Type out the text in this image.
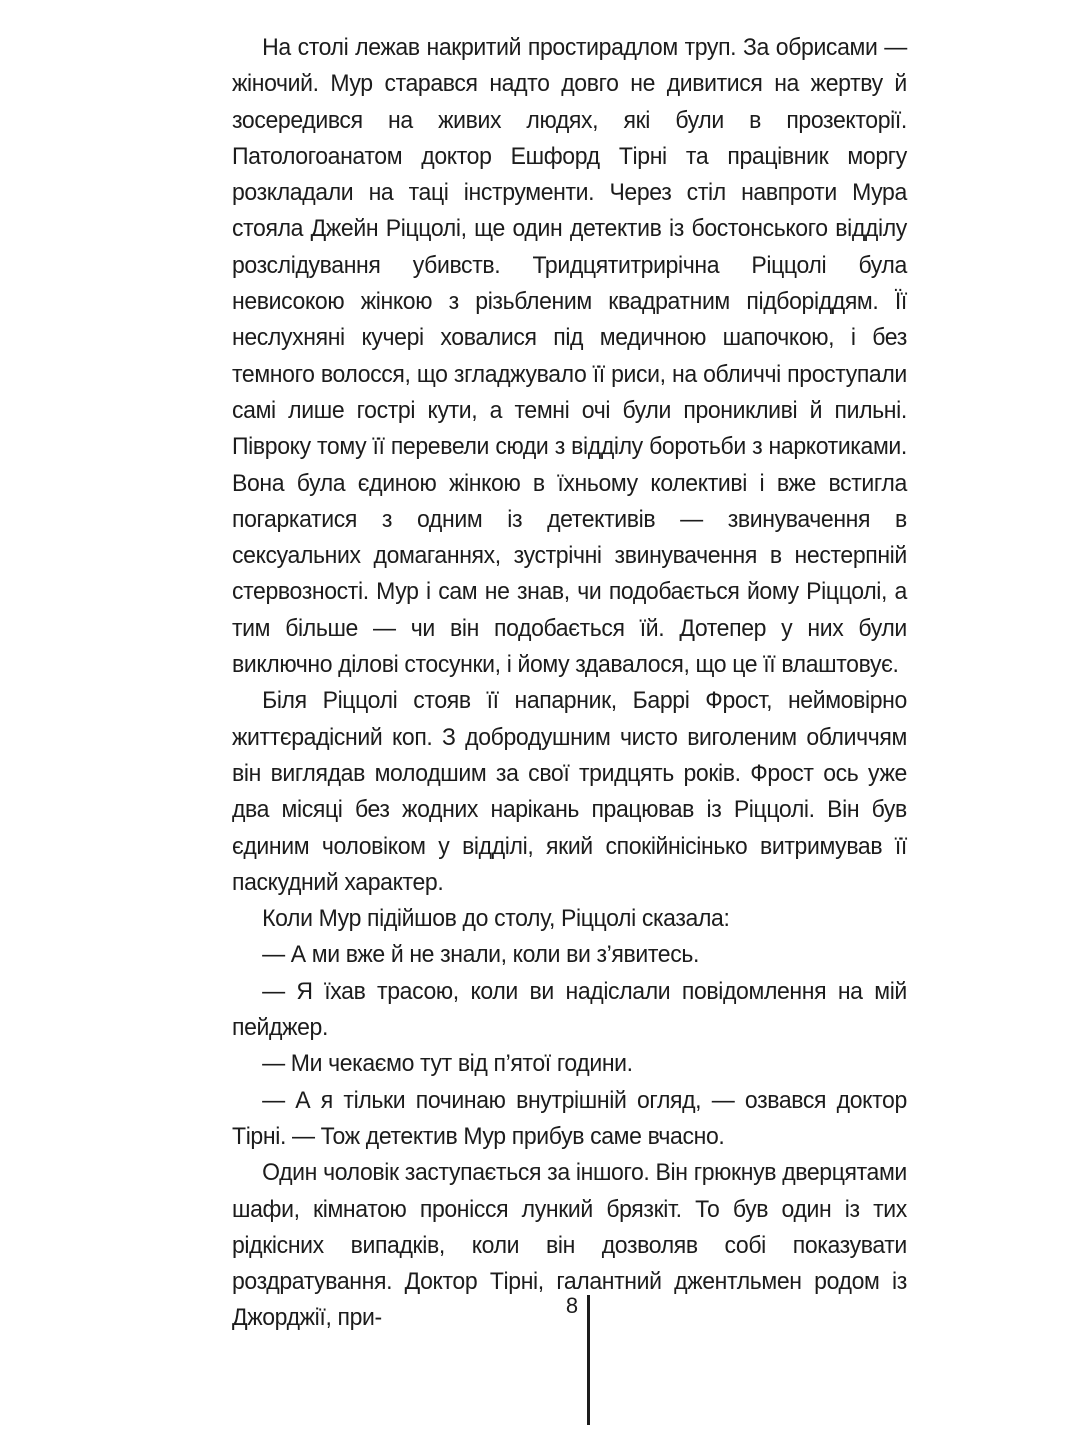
На столі лежав накритий простирадлом труп. За обрисами — жіночий. Мур старався надто довго не дивитися на жертву й зосередився на живих людях, які були в прозекторії. Патологоанатом доктор Ешфорд Тірні та працівник моргу розкладали на таці інструменти. Через стіл навпроти Мура стояла Джейн Ріццолі, ще один детектив із бостонського відділу розслідування убивств. Тридцятитрирічна Ріццолі була невисокою жінкою з різьбленим квадратним підборіддям. Її неслухняні кучері ховалися під медичною шапочкою, і без темного волосся, що згладжувало її риси, на обличчі проступали самі лише гострі кути, а темні очі були проникливі й пильні. Півроку тому її перевели сюди з відділу боротьби з наркотиками. Вона була єдиною жінкою в їхньому колективі і вже встигла погаркатися з одним із детективів — звинувачення в сексуальних домаганнях, зустрічні звинувачення в нестерпній стервозності. Мур і сам не знав, чи подобається йому Ріццолі, а тим більше — чи він подобається їй. Дотепер у них були виключно ділові стосунки, і йому здавалося, що це її влаштовує.

Біля Ріццолі стояв її напарник, Баррі Фрост, неймовірно життєрадісний коп. З добродушним чисто виголеним обличчям він виглядав молодшим за свої тридцять років. Фрост ось уже два місяці без жодних нарікань працював із Ріццолі. Він був єдиним чоловіком у відділі, який спокійнісінько витримував її паскудний характер.

Коли Мур підійшов до столу, Ріццолі сказала:

— А ми вже й не знали, коли ви з’явитесь.

— Я їхав трасою, коли ви надіслали повідомлення на мій пейджер.

— Ми чекаємо тут від п’ятої години.

— А я тільки починаю внутрішній огляд, — озвався доктор Тірні. — Тож детектив Мур прибув саме вчасно.

Один чоловік заступається за іншого. Він грюкнув дверцятами шафи, кімнатою пронісся лункий брязкіт. То був один із тих рідкісних випадків, коли він дозволяв собі показувати роздратування. Доктор Тірні, галантний джентльмен родом із Джорджії, при-	8
